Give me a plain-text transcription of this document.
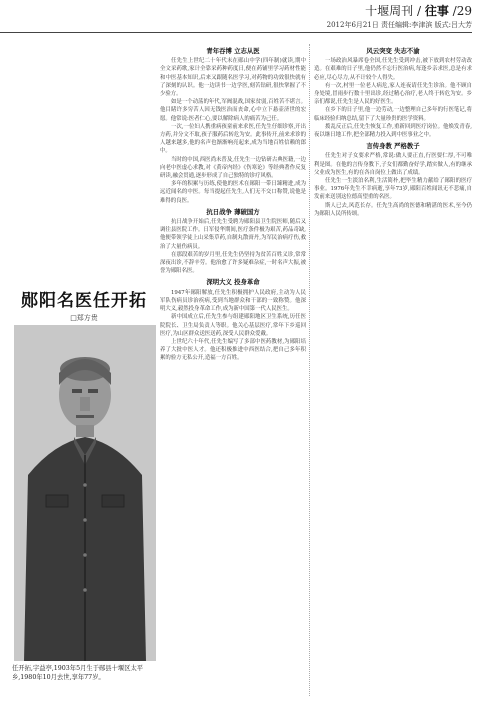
十堰周刊 / 往事 /29
2012年6月21日 责任编辑:李津滨 版式:吕大芳
青年吞博 立志从医

任先生上世纪二十年代末在郧山中学(四年制)就读,期中全文采药歌,家计全靠采药种药度日,便在药铺里学习药材性能和中医基本知识,后来又跟随名医学习,对药物的功效很快就有了深刻的认识。他一边读书一边学医,刻苦钻研,很快掌握了不少验方。

如是一个动荡的年代,军阀混战,国家贫弱,百姓苦不堪言。他目睹许多穷苦人因无钱医治而丧命,心中立下悬壶济世的宏愿。他常说:医者仁心,要以解除病人的痛苦为己任。

一次,一位妇人携重病孩童前来求医,任先生仔细诊察,开出方药,并分文不取,孩子服药后转危为安。此事传开,前来求诊的人越来越多,他的名声也渐渐响亮起来,成为当地百姓信赖的郎中。

当时的中国,西医尚未普及,任先生一边钻研古典医籍,一边向老中医虚心求教,对《黄帝内经》《伤寒论》等经典著作反复研读,融会贯通,逐步形成了自己独特的诊疗风格。

多年的积累与历练,使他的医术在郧阳一带日臻精进,成为远近闻名的中医。每当提起任先生,人们无不交口称赞,说他是难得的良医。

抗日战争 薄破国方

抗日战争开始后,任先生受聘为郧阳县卫生院医师,随后又调往县医院工作。日军侵华期间,医疗条件极为艰苦,药品奇缺,他便带领学徒上山采集草药,自制丸散膏丹,为军民治病疗伤,救治了大量伤病员。

在那段艰苦的岁月里,任先生仍坚持为贫苦百姓义诊,常常深夜出诊,不辞辛劳。他治愈了许多疑难杂症,一时名声大振,被誉为郧阳名医。

深明大义 投身革命

1947年郧阳解放,任先生积极拥护人民政府,主动为人民军队伤病员诊治疾病,受到当地群众和干部的一致称赞。他深明大义,毅然投身革命工作,成为新中国第一代人民医生。

新中国成立后,任先生参与组建郧阳地区卫生系统,历任医院院长、卫生局负责人等职。他关心基层医疗,常年下乡巡回医疗,为山区群众送医送药,深受人民群众爱戴。

上世纪六十年代,任先生编写了多部中医药教材,为郧阳培养了大批中医人才。他还积极推进中西医结合,把自己多年积累的验方无私公开,造福一方百姓。

风云突变 失志不渝

一场政治风暴席卷全国,任先生受到冲击,被下放到农村劳动改造。在艰难的日子里,他仍然不忘行医治病,每逢乡亲求医,总是有求必应,尽心尽力,从不计较个人得失。

有一次,村里一位老人病危,家人连夜请任先生诊治。他不顾自身处境,冒雨步行数十里出诊,经过精心治疗,老人终于转危为安。乡亲们都说,任先生是人民的好医生。

在乡下的日子里,他一边劳动,一边整理自己多年的行医笔记,将临床经验归纳总结,留下了大量珍贵的医学资料。

拨乱反正后,任先生恢复工作,重新回到医疗岗位。他焕发青春,夜以继日地工作,把全部精力投入到中医事业之中。

言传身教 严格教子

任先生对子女要求严格,常说:做人要正直,行医要仁厚,不可唯利是图。在他的言传身教下,子女们都勤奋好学,踏实做人,有的继承父业成为医生,有的在各自岗位上做出了成绩。

任先生一生淡泊名利,生活简朴,把毕生精力献给了郧阳的医疗事业。1976年先生不幸病逝,享年73岁,郧阳百姓闻讯无不悲痛,自发前来送别这位德高望重的名医。

斯人已去,风范长存。任先生高尚的医德和精湛的医术,至今仍为郧阳人民所传颂。

郧阳名医任开拓
□郑方贵
任开拓,字益亭,1903年5月生于郧县十堰区太平乡,1980年10月去世,享年77岁。
